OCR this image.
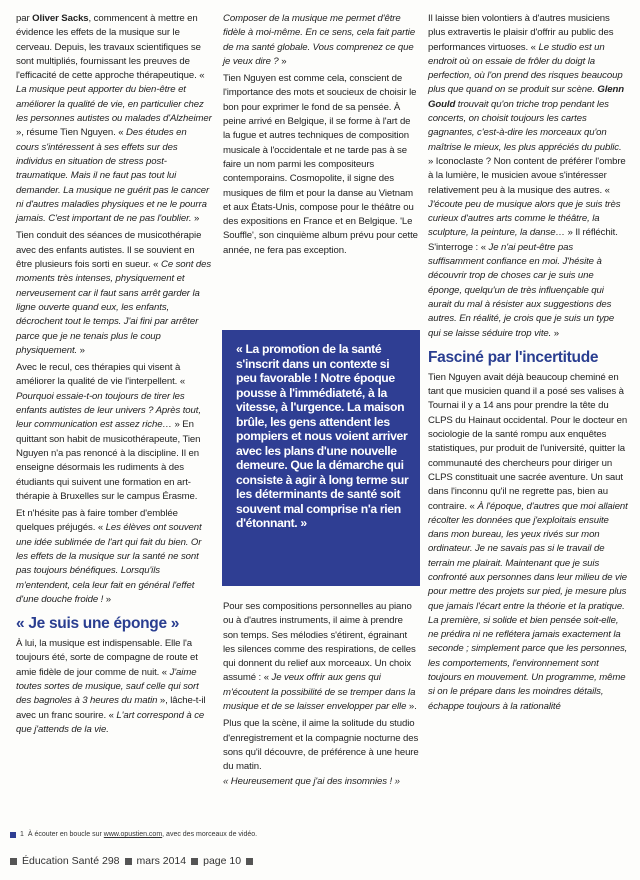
par Oliver Sacks, commencent à mettre en évidence les effets de la musique sur le cerveau. Depuis, les travaux scientifiques se sont multipliés, fournissant les preuves de l'efficacité de cette approche thérapeutique. « La musique peut apporter du bien-être et améliorer la qualité de vie, en particulier chez les personnes autistes ou malades d'Alzheimer », résume Tien Nguyen. « Des études en cours s'intéressent à ses effets sur des individus en situation de stress post-traumatique. Mais il ne faut pas tout lui demander. La musique ne guérit pas le cancer ni d'autres maladies physiques et ne le pourra jamais. C'est important de ne pas l'oublier. »

Tien conduit des séances de musicothérapie avec des enfants autistes. Il se souvient en être plusieurs fois sorti en sueur. « Ce sont des moments très intenses, physiquement et nerveusement car il faut sans arrêt garder la ligne ouverte quand eux, les enfants, décrochent tout le temps. J'ai fini par arrêter parce que je ne tenais plus le coup physiquement. »

Avec le recul, ces thérapies qui visent à améliorer la qualité de vie l'interpellent. « Pourquoi essaie-t-on toujours de tirer les enfants autistes de leur univers ? Après tout, leur communication est assez riche… » En quittant son habit de musicothérapeute, Tien Nguyen n'a pas renoncé à la discipline. Il en enseigne désormais les rudiments à des étudiants qui suivent une formation en art-thérapie à Bruxelles sur le campus Érasme.

Et n'hésite pas à faire tomber d'emblée quelques préjugés. « Les élèves ont souvent une idée sublimée de l'art qui fait du bien. Or les effets de la musique sur la santé ne sont pas toujours bénéfiques. Lorsqu'ils m'entendent, cela leur fait en général l'effet d'une douche froide ! »

« Je suis une éponge »

À lui, la musique est indispensable. Elle l'a toujours été, sorte de compagne de route et amie fidèle de jour comme de nuit. « J'aime toutes sortes de musique, sauf celle qui sort des bagnoles à 3 heures du matin », lâche-t-il avec un franc sourire. « L'art correspond à ce que j'attends de la vie.

Composer de la musique me permet d'être fidèle à moi-même. En ce sens, cela fait partie de ma santé globale. Vous comprenez ce que je veux dire ? »

Tien Nguyen est comme cela, conscient de l'importance des mots et soucieux de choisir le bon pour exprimer le fond de sa pensée. À peine arrivé en Belgique, il se forme à l'art de la fugue et autres techniques de composition musicale à l'occidentale et ne tarde pas à se faire un nom parmi les compositeurs contemporains. Cosmopolite, il signe des musiques de film et pour la danse au Vietnam et aux États-Unis, compose pour le théâtre ou des expositions en France et en Belgique. 'Le Souffle', son cinquième album prévu pour cette année, ne fera pas exception.

« La promotion de la santé s'inscrit dans un contexte si peu favorable ! Notre époque pousse à l'immédiateté, à la vitesse, à l'urgence. La maison brûle, les gens attendent les pompiers et nous voient arriver avec les plans d'une nouvelle demeure. Que la démarche qui consiste à agir à long terme sur les déterminants de santé soit souvent mal comprise n'a rien d'étonnant. »

Pour ses compositions personnelles au piano ou à d'autres instruments, il aime à prendre son temps. Ses mélodies s'étirent, égrainant les silences comme des respirations, de celles qui donnent du relief aux morceaux. Un choix assumé : « Je veux offrir aux gens qui m'écoutent la possibilité de se tremper dans la musique et de se laisser envelopper par elle ».

Plus que la scène, il aime la solitude du studio d'enregistrement et la compagnie nocturne des sons qu'il découvre, de préférence à une heure du matin.
« Heureusement que j'ai des insomnies ! »

Il laisse bien volontiers à d'autres musiciens plus extravertis le plaisir d'offrir au public des performances virtuoses. « Le studio est un endroit où on essaie de frôler du doigt la perfection, où l'on prend des risques beaucoup plus que quand on se produit sur scène. Glenn Gould trouvait qu'on triche trop pendant les concerts, on choisit toujours les cartes gagnantes, c'est-à-dire les morceaux qu'on maîtrise le mieux, les plus appréciés du public. » Iconoclaste ? Non content de préférer l'ombre à la lumière, le musicien avoue s'intéresser relativement peu à la musique des autres. « J'écoute peu de musique alors que je suis très curieux d'autres arts comme le théâtre, la sculpture, la peinture, la danse… » Il réfléchit. S'interroge : « Je n'ai peut-être pas suffisamment confiance en moi. J'hésite à découvrir trop de choses car je suis une éponge, quelqu'un de très influençable qui aurait du mal à résister aux suggestions des autres. En réalité, je crois que je suis un type qui se laisse séduire trop vite. »

Fasciné par l'incertitude

Tien Nguyen avait déjà beaucoup cheminé en tant que musicien quand il a posé ses valises à Tournai il y a 14 ans pour prendre la tête du CLPS du Hainaut occidental. Pour le docteur en sociologie de la santé rompu aux enquêtes statistiques, pur produit de l'université, quitter la communauté des chercheurs pour diriger un CLPS constituait une sacrée aventure. Un saut dans l'inconnu qu'il ne regrette pas, bien au contraire. « À l'époque, d'autres que moi allaient récolter les données que j'exploitais ensuite dans mon bureau, les yeux rivés sur mon ordinateur. Je ne savais pas si le travail de terrain me plairait. Maintenant que je suis confronté aux personnes dans leur milieu de vie pour mettre des projets sur pied, je mesure plus que jamais l'écart entre la théorie et la pratique. La première, si solide et bien pensée soit-elle, ne prédira ni ne reflétera jamais exactement la seconde ; simplement parce que les personnes, les comportements, l'environnement sont toujours en mouvement. Un programme, même si on le prépare dans les moindres détails, échappe toujours à la rationalité

1 À écouter en boucle sur www.opustien.com, avec des morceaux de vidéo.
Éducation Santé 298 mars 2014 page 10
